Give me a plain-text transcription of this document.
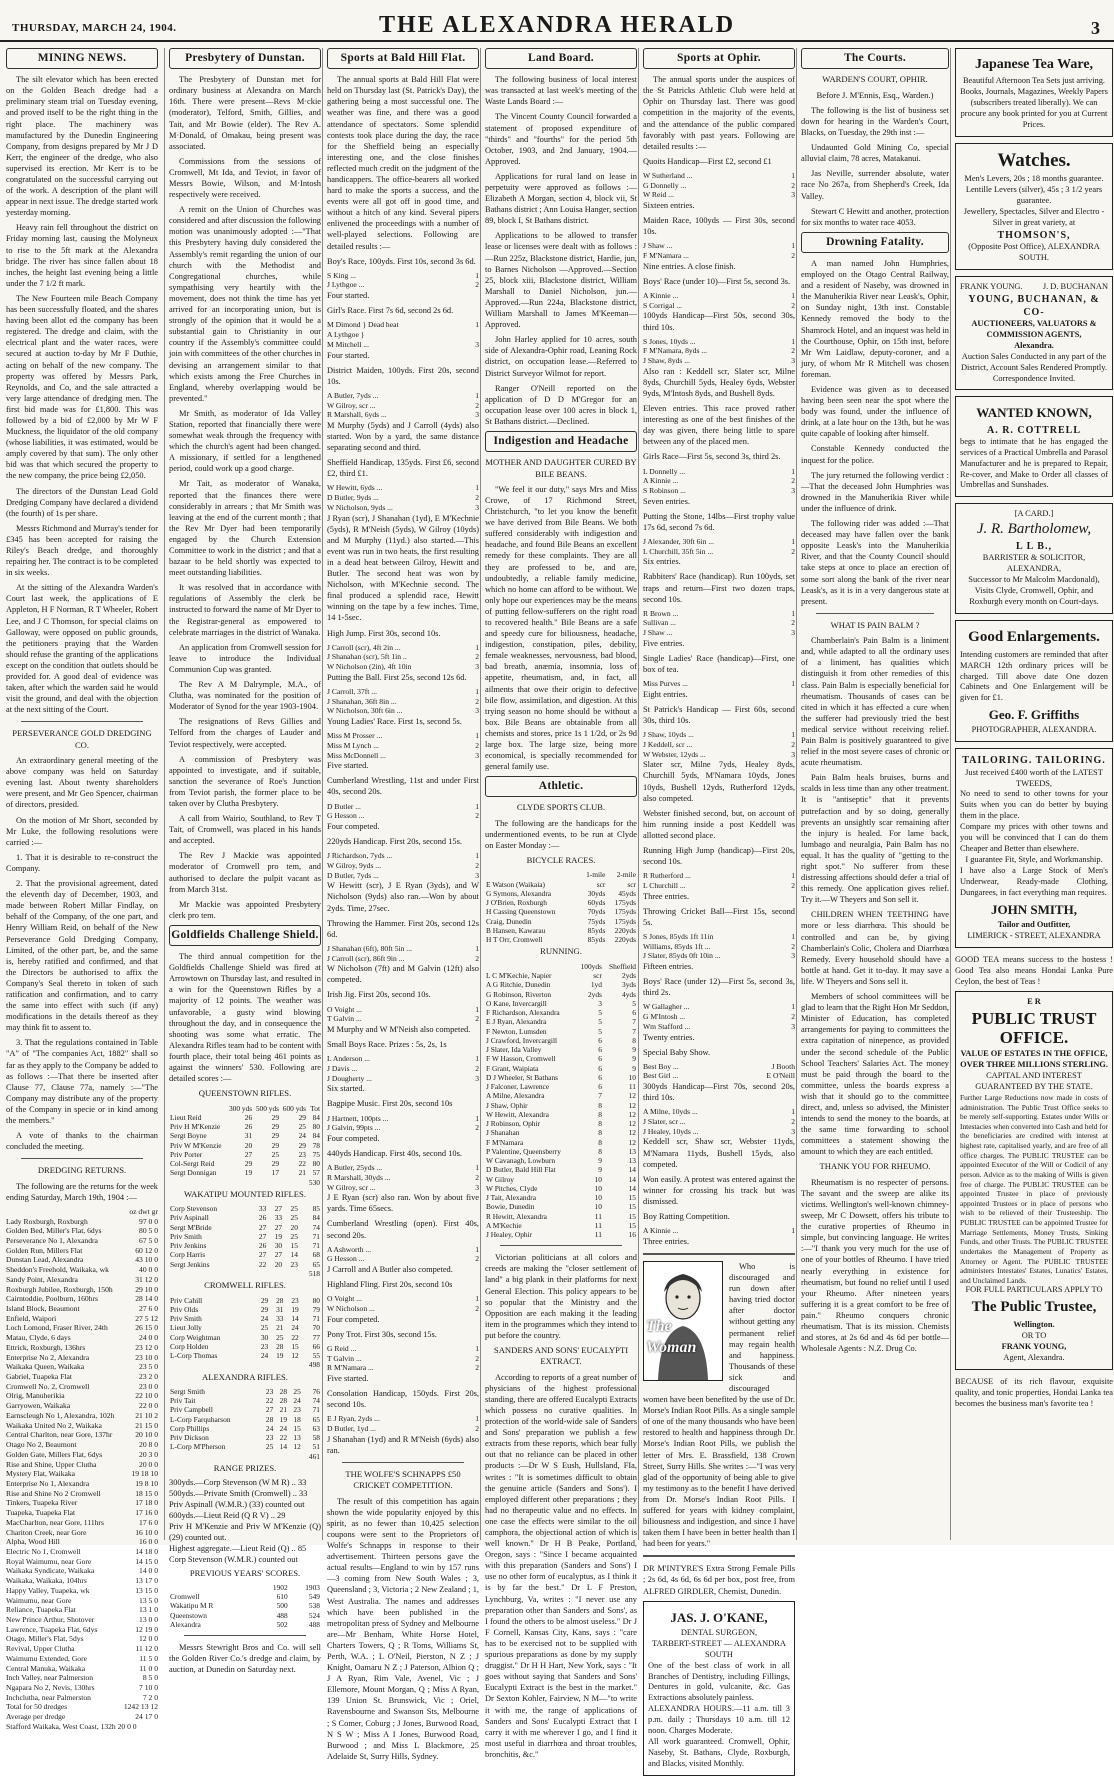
THURSDAY, MARCH 24, 1904.	THE ALEXANDRA HERALD	3
MINING NEWS.

The silt elevator which has been erected on the Golden Beach dredge had a preliminary steam trial on Tuesday evening, and proved itself to be the right thing in the right place. The machinery was manufactured by the Dunedin Engineering Company, from designs prepared by Mr J D Kerr, the engineer of the dredge, who also supervised its erection. Mr Kerr is to be congratulated on the successful carrying out of the work. A description of the plant will appear in next issue. The dredge started work yesterday morning.

Heavy rain fell throughout the district on Friday morning last, causing the Molyneux to rise to the 5ft mark at the Alexandra bridge. The river has since fallen about 18 inches, the height last evening being a little under the 7 1/2 ft mark.

The New Fourteen mile Beach Company has been successfully floated, and the shares having been allot ed the company has been registered. The dredge and claim, with the electrical plant and the water races, were secured at auction to-day by Mr F Duthie, acting on behalf of the new company. The property was offered by Messrs Park, Reynolds, and Co, and the sale attracted a very large attendance of dredging men. The first bid made was for £1,800. This was followed by a bid of £2,000 by Mr W F Muckness, the liquidator of the old company (whose liabilities, it was estimated, would be amply covered by that sum). The only other bid was that which secured the property to the new company, the price being £2,050.

The directors of the Dunstan Lead Gold Dredging Company have declared a dividend (the fourth) of 1s per share.

Messrs Richmond and Murray's tender for £345 has been accepted for raising the Riley's Beach dredge, and thoroughly repairing her. The contract is to be completed in six weeks.

At the sitting of the Alexandra Warden's Court last week, the applications of E Appleton, H F Norman, R T Wheeler, Robert Lee, and J C Thomson, for special claims on Galloway, were opposed on public grounds, the petitioners praying that the Warden should refuse the granting of the applications except on the condition that outlets should be provided for. A good deal of evidence was taken, after which the warden said he would visit the ground, and deal with the objection at the next sitting of the Court.

PERSEVERANCE GOLD DREDGING CO.

An extraordinary general meeting of the above company was held on Saturday evening last. About twenty shareholders were present, and Mr Geo Spencer, chairman of directors, presided.

On the motion of Mr Short, seconded by Mr Luke, the following resolutions were carried :—

1. That it is desirable to re-construct the Company.

2. That the provisional agreement, dated the eleventh day of December, 1903, and made between Robert Millar Findlay, on behalf of the Company, of the one part, and Henry William Reid, on behalf of the New Perseverance Gold Dredging Company, Limited, of the other part, be, and the same is, hereby ratified and confirmed, and that the Directors be authorised to affix the Company's Seal thereto in token of such ratification and confirmation, and to carry the same into effect with such (if any) modifications in the details thereof as they may think fit to assent to.

3. That the regulations contained in Table "A" of "The companies Act, 1882" shall so far as they apply to the Company be added to as follows :—That there be inserted after Clause 77, Clause 77a, namely :—"The Company may distribute any of the property of the Company in specie or in kind among the members."

A vote of thanks to the chairman concluded the meeting.

DREDGING RETURNS.

The following are the returns for the week ending Saturday, March 19th, 1904 :—

oz dwt gr
Lady Roxburgh, Roxburgh	97 0 0
Golden Bed, Miller's Flat, 6dys	80 5 0
Perseverance No 1, Alexandra	67 5 0
Golden Run, Millers Flat	60 12 0
Dunstan Lead, Alexandra	43 10 0
Sheddon's Freehold, Waikaka, wk	40 0 0
Sandy Point, Alexandra	31 12 0
Roxburgh Jubilee, Roxburgh, 150h	29 10 0
Cairntoddie, Poolburn, 160hrs	28 14 0
Island Block, Beaumont	27 6 0
Enfield, Waipori	27 5 12
Loch Lomond, Fraser River, 24th	26 15 0
Matau, Clyde, 6 days	24 0 0
Ettrick, Roxburgh, 136hrs	23 12 0
Enterprise No 2, Alexandra	23 10 0
Waikaka Queen, Waikaka	23 5 0
Gabriel, Tuapeka Flat	23 2 0
Cromwell No. 2, Cromwell	23 0 0
Olrig, Manuherikia	22 10 0
Garryowen, Waikaka	22 0 0
Earnscleugh No 1, Alexandra, 102h	21 10 2
Waikaka United No 2, Waikaka	21 15 0
Central Charlton, near Gore, 137hr	20 10 0
Otago No 2, Beaumont	20 8 0
Golden Gate, Millers Flat, 6dys	20 3 0
Rise and Shine, Upper Clutha	20 0 0
Mystery Flat, Waikaka	19 18 10
Enterprise No 1, Alexandra	19 8 10
Rise and Shine No 2 Cromwell	18 15 0
Tinkers, Tuapeka River	17 18 0
Tuapeka, Tuapeka Flat	17 16 0
MacCharlton, near Gore, 111hrs	17 6 0
Chariton Creek, near Gore	16 10 0
Alpha, Wood Hill	16 0 0
Electric No 1, Cromwell	14 18 0
Royal Waimumu, near Gore	14 15 0
Waikaka Syndicate, Waikaka	14 0 0
Waikaka, Waikaka, 104hrs	13 17 0
Happy Valley, Tuapeka, wk	13 15 0
Waimumu, near Gore	13 5 0
Reliance, Tuapeka Flat	13 1 0
New Prince Arthur, Shotover	13 0 0
Lawrence, Tuapeka Flat, 6dys	12 19 0
Otago, Miller's Flat, 5dys	12 0 0
Revival, Upper Clutha	11 12 0
Waimumu Extended, Gore	11 5 0
Central Manuka, Waikaka	11 0 0
Inch Valley, near Palmerston	8 5 0
Ngapara No 2, Nevis, 130hrs	7 10 0
Inchclutha, near Palmerston	7 2 0
Total for 50 dredges	1242 13 12
Average per dredge	24 17 0
Stafford Waikaka, West Coast, 132h 20 0 0
Presbytery of Dunstan.

The Presbytery of Dunstan met for ordinary business at Alexandra on March 16th. There were present—Revs M·ckie (moderator), Telford, Smith, Gillies, and Tait, and Mr Bowie (elder). The Rev A. M·Donald, of Omakau, being present was associated.

Commissions from the sessions of Cromwell, Mt Ida, and Teviot, in favor of Messrs Bowie, Wilson, and M·Intosh respectively were received.

A remit on the Union of Churches was considered and after discussion the following motion was unanimously adopted :—"That this Presbytery having duly considered the Assembly's remit regarding the union of our church with the Methodist and Congregational churches, while sympathising very heartily with the movement, does not think the time has yet arrived for an incorporating union, but is strongly of the opinion that it would be a substantial gain to Christianity in our country if the Assembly's committee could join with committees of the other churches in devising an arrangement similar to that which exists among the Free Churches in England, whereby overlapping would be prevented."

Mr Smith, as moderator of Ida Valley Station, reported that financially there were somewhat weak through the frequency with which the church's agent had been changed. A missionary, if settled for a lengthened period, could work up a good charge.

Mr Tait, as moderator of Wanaka, reported that the finances there were considerably in arrears ; that Mr Smith was leaving at the end of the current month ; that the Rev Mr Dyer had been temporarily engaged by the Church Extension Committee to work in the district ; and that a bazaar to be held shortly was expected to meet outstanding liabilities.

It was resolved that in accordance with regulations of Assembly the clerk be instructed to forward the name of Mr Dyer to the Registrar-general as empowered to celebrate marriages in the district of Wanaka.

An application from Cromwell session for leave to introduce the Individual Communion Cup was granted.

The Rev A M Dalrymple, M.A., of Clutha, was nominated for the position of Moderator of Synod for the year 1903-1904.

The resignations of Revs Gillies and Telford from the charges of Lauder and Teviot respectively, were accepted.

A commission of Presbytery was appointed to investigate, and if suitable, sanction the severance of Roe's Junction from Teviot parish, the former place to be taken over by Clutha Presbytery.

A call from Wairio, Southland, to Rev T Tait, of Cromwell, was placed in his hands and accepted.

The Rev J Mackie was appointed moderator of Cromwell pro tem, and authorised to declare the pulpit vacant as from March 31st.

Mr Mackie was appointed Presbytery clerk pro tem.

Goldfields Challenge Shield.

The third annual competition for the Goldfields Challenge Shield was fired at Arrowtown on Thursday last, and resulted in a win for the Queenstown Rifles by a majority of 12 points. The weather was unfavorable, a gusty wind blowing throughout the day, and in consequence the shooting was some what erratic. The Alexandra Rifles team had to be content with fourth place, their total being 461 points as against the winners' 530. Following are detailed scores :—

QUEENSTOWN RIFLES.
	300 yds	500 yds	600 yds	Tot
Lieut Reid	26	29	29	84
Priv H M'Kenzie	26	29	25	80
Sergt Boyne	31	29	24	84
Priv W M'Kenzie	20	29	29	78
Priv Porter	27	25	23	75
Col-Sergt Reid	29	29	22	80
Sergt Donnigan	19	17	21	57
				530
WAKATIPU MOUNTED RIFLES.
Corp Stevenson	33	27	25	85
Priv Aspinall	26	33	25	84
Sergt M'Bride	27	27	20	74
Priv Smith	27	19	25	71
Priv Jenkins	26	30	15	71
Corp Harris	27	27	14	68
Sergt Jenkins	22	20	23	65
				518
CROMWELL RIFLES.
Priv Cahill	29	28	23	80
Priv Olds	29	31	19	79
Priv Smith	24	33	14	71
Lieut Jolly	25	21	24	70
Corp Weightman	30	25	22	77
Corp Holden	23	28	15	66
L-Corp Thomas	24	19	12	55
				498
ALEXANDRA RIFLES.
Sergt Smith	23	28	25	76
Priv Tait	22	28	24	74
Priv Campbell	27	21	23	71
L-Corp Farquharson	28	19	18	65
Corp Phillips	24	24	15	63
Priv Dickson	23	22	13	58
L-Corp M'Pherson	25	14	12	51
				461
RANGE PRIZES.
300yds.—Corp Stevenson (W M R) .. 33
500yds.—Private Smith (Cromwell) .. 33
Priv Aspinall (W.M.R.) (33) counted out
600yds.—Lieut Reid (Q R V) .. 29
Priv H M'Kenzie and Priv W M'Kenzie (Q) (29) counted out.
Highest aggregate.—Lieut Reid (Q) .. 85
Corp Stevenson (W.M.R.) counted out
PREVIOUS YEARS' SCORES.
	1902	1903
Cromwell	610	549
Wakatipu M R	500	538
Queenstown	488	524
Alexandra	502	488

Messrs Stewright Bros and Co. will sell the Golden River Co.'s dredge and claim, by auction, at Dunedin on Saturday next.

Sports at Bald Hill Flat.

The annual sports at Bald Hill Flat were held on Thursday last (St. Patrick's Day), the gathering being a most successful one. The weather was fine, and there was a good attendance of spectators. Some splendid contests took place during the day, the race for the Sheffield being an especially interesting one, and the close finishes reflected much credit on the judgment of the handicappers. The office-bearers all worked hard to make the sports a success, and the events were all got off in good time, and without a hitch of any kind. Several pipers enlivened the proceedings with a number of well-played selections. Following are detailed results :—

Boy's Race, 100yds. First 10s, second 3s 6d.

S King ...	1
J Lythgoe ...	2

Four started.

Girl's Race. First 7s 6d, second 2s 6d.

M Dimond } Dead heat	1
A Lythgoe }
M Mitchell ...	3

Four started.

District Maiden, 100yds. First 20s, second 10s.

A Butler, 7yds ...	1
W Gilroy, scr ...	2
R Marshall, 6yds ...	3

M Murphy (5yds) and J Carroll (4yds) also started. Won by a yard, the same distance separating second and third.

Sheffield Handicap, 135yds. First £6, second £2, third £1.

W Hewitt, 6yds ...	1
D Butler, 9yds ...	2
W Nicholson, 9yds ...	3

J Ryan (scr), J Shanahan (1yd), E M'Kechnie (5yds), R M'Neish (5yds), W Gilroy (10yds) and M Murphy (11yd.) also started.—This event was run in two heats, the first resulting in a dead heat between Gilroy, Hewitt and Butler. The second heat was won by Nicholson, with M'Kechnie second. The final produced a splendid race, Hewitt winning on the tape by a few inches. Time, 14 1-5sec.

High Jump. First 30s, second 10s.

J Carroll (scr), 4ft 2in ...	1
J Shanahan (scr), 5ft 1in ..	2
W Nicholson (2in), 4ft 10in	3

Putting the Ball. First 25s, second 12s 6d.

J Carroll, 37ft ...	1
J Shanahan, 36ft 8in ...	2
W Nicholson, 30ft 6in ...	3

Young Ladies' Race. First 1s, second 5s.

Miss M Prosser ...	1
Miss M Lynch ...	2
Miss McDonnell ...	3

Five started.

Cumberland Wrestling, 11st and under First 40s, second 20s.

D Butler ...	1
G Hesson ...	2

Four competed.

220yds Handicap. First 20s, second 15s.

J Richardson, 7yds ...	1
W Gilroy, 9yds ...	2
D Butler, 7yds ...	3

W Hewitt (scr), J E Ryan (3yds), and W Nicholson (9yds) also ran.—Won by about 2yds. Time, 27sec.

Throwing the Hammer. First 20s, second 12s 6d.

J Shanahan (6ft), 80ft 5in ...	1
J Carroll (scr), 86ft 9in ...	2

W Nicholson (7ft) and M Galvin (12ft) also competed.

Irish Jig. First 20s, second 10s.

O Voight ...	1
T Galvin ...	2

M Murphy and W M'Neish also competed.

Small Boys Race. Prizes : 5s, 2s, 1s

L Anderson ...	1
J Davis ...	2
J Dougherty ...	3

Six started.

Bagpipe Music. First 20s, second 10s

J Hartnett, 100pts ...	1
J Galvin, 99pts ...	2

Four competed.

440yds Handicap. First 40s, second 10s.

A Butler, 25yds ...	1
R Marshall, 30yds ...	2
W Gilroy, scr ...	3

J E Ryan (scr) also ran. Won by about five yards. Time 65secs.

Cumberland Wrestling (open). First 40s, second 20s.

A Ashworth ...	1
G Hesson ...	2

J Carroll and A Butler also competed.

Highland Fling. First 20s, second 10s

O Voight ...	1
W Nicholson ...	2

Four competed.

Pony Trot. First 30s, second 15s.

G Reid ...	1
T Galvin ...	2
R M'Namara ...	2

Five started.

Consolation Handicap, 150yds. First 20s, second 10s.

E J Ryan, 2yds ...	1
D Butler, 1yd ...	2

J Shanahan (1yd) and R M'Neish (6yds) also ran.

THE WOLFE'S SCHNAPPS £50 CRICKET COMPETITION.

The result of this competition has again shown the wide popularity enjoyed by this spirit, as no fewer than 10,425 selection coupons were sent to the Proprietors of Wolfe's Schnapps in response to their advertisement. Thirteen persons gave the actual results—England to win by 157 runs —3 coming from New South Wales ; 3, Queensland ; 3, Victoria ; 2 New Zealand ; 1, West Australia. The names and addresses which have been published in the metropolitan press of Sydney and Melbourne are—Mr Benham, White Horse Hotel, Charters Towers, Q ; R Toms, Williams St, Perth, W.A. ; L O'Neil, Pierston, N Z ; J Knight, Oamaru N Z ; J Paterson, Albion Q ; J A Ryan, Rim Vale, Avenel, Vic ; J Ellemore, Mount Morgan, Q ; Miss A Ryan, 139 Union St. Brunswick, Vic ; Oriel, Ravensbourne and Swanson Sts, Melbourne ; S Comer, Coburg ; J Jones, Burwood Road, N S W ; Miss A I Jones, Burwood Road, Burwood ; and Miss L Blackmore, 25 Adelaide St, Surry Hills, Sydney.

Land Board.

The following business of local interest was transacted at last week's meeting of the Waste Lands Board :—

The Vincent County Council forwarded a statement of proposed expenditure of "thirds" and "fourths" for the period 5th October, 1903, and 2nd January, 1904.—Approved.

Applications for rural land on lease in perpetuity were approved as follows :—Elizabeth A Morgan, section 4, block vii, St Bathans district ; Ann Louisa Hanger, section 89, block I, St Bathans district.

Applications to be allowed to transfer lease or licenses were dealt with as follows :—Run 225z, Blackstone district, Hardie, jun, to Barnes Nicholson —Approved.—Section 25, block xiii, Blackstone district, William Marshall to Daniel Nicholson, jun.—Approved.—Run 224a, Blackstone district, William Marshall to James M'Keeman—Approved.

John Harley applied for 10 acres, south side of Alexandra-Ophir road, Leaning Rock district, on occupation lease.—Referred to District Surveyor Wilmot for report.

Ranger O'Neill reported on the application of D D M'Gregor for an occupation lease over 100 acres in block 1, St Bathans district.—Declined.

Indigestion and Headache
MOTHER AND DAUGHTER CURED BY BILE BEANS.

"We feel it our duty," says Mrs and Miss Crowe, of 17 Richmond Street, Christchurch, "to let you know the benefit we have derived from Bile Beans. We both suffered considerably with indigestion and headache, and found Bile Beans an excellent remedy for these complaints. They are all they are professed to be, and are, undoubtedly, a reliable family medicine, which no home can afford to be without. We only hope our experiences may be the means of putting fellow-sufferers on the right road to recovered health." Bile Beans are a safe and speedy cure for biliousness, headache, indigestion, constipation, piles, debility, female weaknesses, nervousness, bad blood, bad breath, anæmia, insomnia, loss of appetite, rheumatism, and, in fact, all ailments that owe their origin to defective bile flow, assimilation, and digestion. At this trying season no home should be without a box. Bile Beans are obtainable from all chemists and stores, price 1s 1 1/2d, or 2s 9d large box. The large size, being more economical, is specially recommended for general family use.

Athletic.
CLYDE SPORTS CLUB.

The following are the handicaps for the undermentioned events, to be run at Clyde on Easter Monday :—

BICYCLE RACES.
	1-mile	2-mile
E Watson (Waikaia)	scr	scr
G Symons, Alexandra	30yds	45yds
J O'Brien, Roxburgh	60yds	175yds
H Cassing Queenstown	70yds	175yds
Craig, Dunedin	75yds	175yds
B Hansen, Kawarau	85yds	220yds
H T Orr, Cromwell	85yds	220yds
RUNNING.
	100yds	Sheffield
L C M'Kechie, Napier	scr	2yds
A G Ritchie, Dunedin	1yd	3yds
G Robinson, Riverton	2yds	4yds
O Kane, Invercargill	3	5
F Richardson, Alexandra	5	6
E J Ryan, Alexandra	5	7
F Newton, Lumsden	5	7
J Crawford, Invercargill	6	8
J Slater, Ida Valley	6	9
F W Hasson, Cromwell	6	9
F Grant, Waipiata	6	9
D J Wheeler, St Bathans	6	10
J Falconer, Lawrence	6	11
A Milne, Alexandra	7	12
J Shaw, Ophir	8	12
W Hewitt, Alexandra	8	12
J Robinson, Ophir	8	12
J Shanahan	8	12
F M'Namara	8	12
P Valentine, Queensberry	8	13
W Cavanagh, Lowburn	9	13
D Butler, Bald Hill Flat	9	14
W Gilroy	10	14
W Pitches, Clyde	10	14
J Tait, Alexandra	10	15
Bowie, Dunedin	10	15
R Hewitt, Alexandra	11	15
A M'Kechie	11	15
J Healey, Ophir	11	16

Victorian politicians at all colors and creeds are making the "closer settlement of land" a big plank in their platforms for next General Election. This policy appears to be so popular that the Ministry and the Opposition are each making it the leading item in the programmes which they intend to put before the country.

SANDERS AND SONS' EUCALYPTI EXTRACT.

According to reports of a great number of physicians of the highest professional standing, there are offered Eucalypti Extracts which possess no curative qualities. In protection of the world-wide sale of Sanders and Sons' preparation we publish a few extracts from these reports, which bear fully out that no reliance can be placed in other products :—Dr W S Eush, Hullsland, FIa, writes : "It is sometimes difficult to obtain the genuine article (Sanders and Sons'). I employed different other preparations ; they had no therapeutic value and no effects. In one case the effects were similar to the oil camphora, the objectional action of which is well known." Dr H B Peake, Portland, Oregon, says : "Since I became acquainted with this preparation (Sanders and Sons') I use no other form of eucalyptus, as I think it is by far the best." Dr L F Preston, Lynchburg, Va, writes : "I never use any preparation other than Sanders and Sons', as I found the others to be almost useless." Dr J F Cornell, Kansas City, Kans, says : "care has to be exercised not to be supplied with spurious preparations as done by my supply druggist." Dr H H Hart, New York, says : "It goes without saying that Sanders and Sons' Eucalypti Extract is the best in the market." Dr Sexton Kohler, Fairview, N M—"to write it with me, the range of applications of Sanders and Sons' Eucalypti Extract that I carry it with me wherever I go, and I find it most useful in diarrhœa and throat troubles, bronchitis, &c."

Sports at Ophir.

The annual sports under the auspices of the St Patricks Athletic Club were held at Ophir on Thursday last. There was good competition in the majority of the events, and the attendance of the public compared favorably with past years. Following are detailed results :—

Quoits Handicap—First £2, second £1

W Sutherland ...	1
G Donnelly ...	2
W Reid ...	3

Sixteen entries.

Maiden Race, 100yds — First 30s, second 10s.

J Shaw ...	1
F M'Namara ...	2

Nine entries. A close finish.

Boys' Race (under 10)—First 5s, second 3s.

A Kinnie ...	1
S Corrigal ...	2

100yds Handicap—First 50s, second 30s, third 10s.

S Jones, 10yds ...	1
F M'Namara, 8yds ...	2
J Shaw, 8yds ...	3

Also ran : Keddell scr, Slater scr, Milne 8yds, Churchill 5yds, Healey 6yds, Webster 9yds, M'Intosh 8yds, and Bushell 8yds.

Eleven entries. This race proved rather interesting as one of the best finishes of the day was given, there being little to spare between any of the placed men.

Girls Race—First 5s, second 3s, third 2s.

L Donnelly ...	1
A Kinnie ...	2
S Robinson ...	3

Seven entries.

Putting the Stone, 14lbs—First trophy value 17s 6d, second 7s 6d.

J Alexander, 30ft 6in ...	1
L Churchill, 35ft 5in ...	2

Six entries.

Rabbiters' Race (handicap). Run 100yds, set traps and return—First two dozen traps, second 10s.

R Brown ...	1
Sullivan ...	2
J Shaw ...	3

Five entries.

Single Ladies' Race (handicap)—First, one box of tea.

Miss Purves ...	1

Eight entries.

St Patrick's Handicap — First 60s, second 30s, third 10s.

J Shaw, 10yds ...	1
J Keddell, scr ...	2
W Webster, 12yds ...	3

Slater scr, Milne 7yds, Healey 8yds, Churchill 5yds, M'Namara 10yds, Jones 10yds, Bushell 12yds, Rutherford 12yds, also competed.

Webster finished second, but, on account of him running inside a post Keddell was allotted second place.

Running High Jump (handicap)—First 20s, second 10s.

R Rutherford ...	1
L Churchill ...	2

Three entries.

Throwing Cricket Ball—First 15s, second 5s.

S Jones, 85yds 1ft 11in	1
Williams, 85yds 1ft ...	2
J Slater, 85yds 0ft 10in ...	3

Fifteen entries.

Boys' Race (under 12)—First 5s, second 3s, third 2s.

W Gallagher ...	1
G M'Intosh ...	2
Wm Stafford ...	3

Twenty entries.

Special Baby Show.

Best Boy ...	J Booth
Best Girl ...	E O'Neill

300yds Handicap—First 70s, second 20s, third 10s.

A Milne, 10yds ...	1
J Slater, scr ...	2
J Healey, 10yds ...	3

Keddell scr, Shaw scr, Webster 11yds, M'Namara 11yds, Bushell 15yds, also competed.

Won easily. A protest was entered against the winner for crossing his track but was dismissed.

Boy Ratting Competition.

A Kinnie ...	1

Three entries.

The Woman

Who is discouraged and run down after having tried doctor after doctor without getting any permanent relief may regain health and happiness. Thousands of these sick and discouraged women have been benefited by the use of Dr. Morse's Indian Root Pills. As a single sample of one of the many thousands who have been restored to health and happiness through Dr. Morse's Indian Root Pills, we publish the letter of Mrs. E. Brassfield, 138 Crown Street, Surry Hills. She writes :—"I was very glad of the opportunity of being able to give my testimony as to the benefit I have derived from Dr. Morse's Indian Root Pills. I suffered for years with kidney complaint, biliousness and indigestion, and since I have taken them I have been in better health than I had been for years."

DR M'INTYRE'S Extra Strong Female Pills ; 2s 6d, 4s 6d, 6s 6d per box, post free, from ALFRED GIRDLER, Chemist, Dunedin.

JAS. J. O'KANE,
DENTAL SURGEON,
TARBERT-STREET — ALEXANDRA SOUTH
One of the best class of work in all Branches of Dentistry, including Fillings, Dentures in gold, vulcanite, &c. Gas Extractions absolutely painless.
ALEXANDRA HOURS.—11 a.m. till 3 p.m. daily ; Thursdays 10 a.m. till 12 noon. Charges Moderate.
All work guaranteed. Cromwell, Ophir, Naseby, St. Bathans, Clyde, Roxburgh, and Blacks, visited Monthly.
The Courts.
WARDEN'S COURT, OPHIR.
Before J. M'Ennis, Esq., Warden.)

The following is the list of business set down for hearing in the Warden's Court, Blacks, on Tuesday, the 29th inst :—

Undaunted Gold Mining Co, special alluvial claim, 78 acres, Matakanui.

Jas Neville, surrender absolute, water race No 267a, from Shepherd's Creek, Ida Valley.

Stewart C Hewitt and another, protection for six months to water race 4053.

Drowning Fatality.

A man named John Humphries, employed on the Otago Central Railway, and a resident of Naseby, was drowned in the Manuherikia River near Leask's, Ophir, on Sunday night, 13th inst. Constable Kennedy removed the body to the Shamrock Hotel, and an inquest was held in the Courthouse, Ophir, on 15th inst, before Mr Wm Laidlaw, deputy-coroner, and a jury, of whom Mr R Mitchell was chosen foreman.

Evidence was given as to deceased having been seen near the spot where the body was found, under the influence of drink, at a late hour on the 13th, but he was quite capable of looking after himself.

Constable Kennedy conducted the inquest for the police.

The jury returned the following verdict :—That the deceased John Humphries was drowned in the Manuherikia River while under the influence of drink.

The following rider was added :—That deceased may have fallen over the bank opposite Leask's into the Manuherikia River, and that the County Council should take steps at once to place an erection of some sort along the bank of the river near Leask's, as it is in a very dangerous state at present.

WHAT IS PAIN BALM ?

Chamberlain's Pain Balm is a liniment and, while adapted to all the ordinary uses of a liniment, has qualities which distinguish it from other remedies of this class. Pain Balm is especially beneficial for rheumatism. Thousands of cases can be cited in which it has effected a cure when the sufferer had previously tried the best medical service without receiving relief. Pain Balm is positively guaranteed to give relief in the most severe cases of chronic or acute rheumatism.

Pain Balm heals bruises, burns and scalds in less time than any other treatment. It is "antiseptic" that it prevents putrefaction and by so doing, generally prevents an unsightly scar remaining after the injury is healed. For lame back, lumbago and neuralgia, Pain Balm has no equal. It has the quality of "getting to the right spot." No sufferer from these distressing affections should defer a trial of this remedy. One application gives relief. Try it.—W Theyers and Son sell it.

CHILDREN WHEN TEETHING have more or less diarrhœa. This should be controlled and can be, by giving Chamberlain's Colic, Cholera and Diarrhœa Remedy. Every household should have a bottle at hand. Get it to-day. It may save a life. W Theyers and Sons sell it.

Members of school committees will be glad to learn that the Right Hon Mr Seddon, Minister of Education, has completed arrangements for paying to committees the extra capitation of ninepence, as provided under the second schedule of the Public School Teachers' Salaries Act. The money must be paid through the board to the committee, unless the boards express a wish that it should go to the committee direct, and, unless so advised, the Minister intends to send the money to the boards, at the same time forwarding to school committees a statement showing the amount to which they are each entitled.

THANK YOU FOR RHEUMO.

Rheumatism is no respecter of persons. The savant and the sweep are alike its victims. Wellington's well-known chimney-sweep, Mr C Dowsett, offers his tribute to the curative properties of Rheumo in simple, but convincing language. He writes :—"I thank you very much for the use of one of your bottles of Rheumo. I have tried nearly everything in existence for rheumatism, but found no relief until I used your Rheumo. After nineteen years suffering it is a great comfort to be free of pain." Rheumo conquers chronic rheumatism. That is its mission. Chemists and stores, at 2s 6d and 4s 6d per bottle—Wholesale Agents : N.Z. Drug Co.

Japanese Tea Ware,
Beautiful Afternoon Tea Sets just arriving.
Books, Journals, Magazines, Weekly Papers (subscribers treated liberally). We can procure any book printed for you at Current Prices.
Watches.
Men's Levers, 20s ; 18 months guarantee.
Lentille Levers (silver), 45s ; 3 1/2 years guarantee.
Jewellery, Spectacles, Silver and Electro - Silver in great variety, at
THOMSON'S,
(Opposite Post Office), ALEXANDRA SOUTH.
FRANK YOUNG. J. D. BUCHANAN
YOUNG, BUCHANAN, & CO-
AUCTIONEERS, VALUATORS & COMMISSION AGENTS,
Alexandra.
Auction Sales Conducted in any part of the District, Account Sales Rendered Promptly.
Correspondence Invited.
WANTED KNOWN,
A. R. COTTRELL
begs to intimate that he has engaged the services of a Practical Umbrella and Parasol Manufacturer and he is prepared to Repair, Re-cover, and Make to Order all classes of Umbrellas and Sunshades.
[A CARD.]
J. R. Bartholomew,
L L B.,
BARRISTER & SOLICITOR, ALEXANDRA,
Successor to Mr Malcolm Macdonald), Visits Clyde, Cromwell, Ophir, and Roxburgh every month on Court-days.
Good Enlargements.
Intending customers are reminded that after MARCH 12th ordinary prices will be charged. Till above date One dozen Cabinets and One Enlargement will be given for £1.
Geo. F. Griffiths
PHOTOGRAPHER, ALEXANDRA.
TAILORING. TAILORING.
Just received £400 worth of the LATEST TWEEDS,
No need to send to other towns for your Suits when you can do better by buying them in the place.
Compare my prices with other towns and you will be convinced that I can do them Cheaper and Better than elsewhere.
I guarantee Fit, Style, and Workmanship.
I have also a Large Stock of Men's Underwear, Ready-made Clothing, Dungarees, in fact everything man requires.
JOHN SMITH,
Tailor and Outfitter,
LIMERICK - STREET, ALEXANDRA

GOOD TEA means success to the hostess ! Good Tea also means Hondai Lanka Pure Ceylon, the best of Teas !

E R
PUBLIC TRUST OFFICE.
VALUE OF ESTATES IN THE OFFICE, OVER THREE MILLIONS STERLING.
CAPITAL AND INTEREST GUARANTEED BY THE STATE.
Further Large Reductions now made in costs of administration. The Public Trust Office seeks to be merely self-supporting. Estates under Wills or Intestacies when converted into Cash and held for the beneficiaries are credited with interest at highest rate, capitalised yearly, and are free of all office charges. The PUBLIC TRUSTEE can be appointed Executor of the Will or Codicil of any person. Advice as to the making of Wills is given free of charge. The PUBLIC TRUSTEE can be appointed Trustee in place of previously appointed Trustees or in place of persons who wish to be relieved of their Trusteeship. The PUBLIC TRUSTEE can be appointed Trustee for Marriage Settlements, Money Trusts, Sinking Funds, and other Trusts. The PUBLIC TRUSTEE undertakes the Management of Property as Attorney or Agent. The PUBLIC TRUSTEE administers Intestates' Estates, Lunatics' Estates, and Unclaimed Lands.
FOR FULL PARTICULARS APPLY TO
The Public Trustee,
Wellington.
OR TO
FRANK YOUNG,
Agent, Alexandra.

BECAUSE of its rich flavour, exquisite quality, and tonic properties, Hondai Lanka tea becomes the business man's favorite tea !
